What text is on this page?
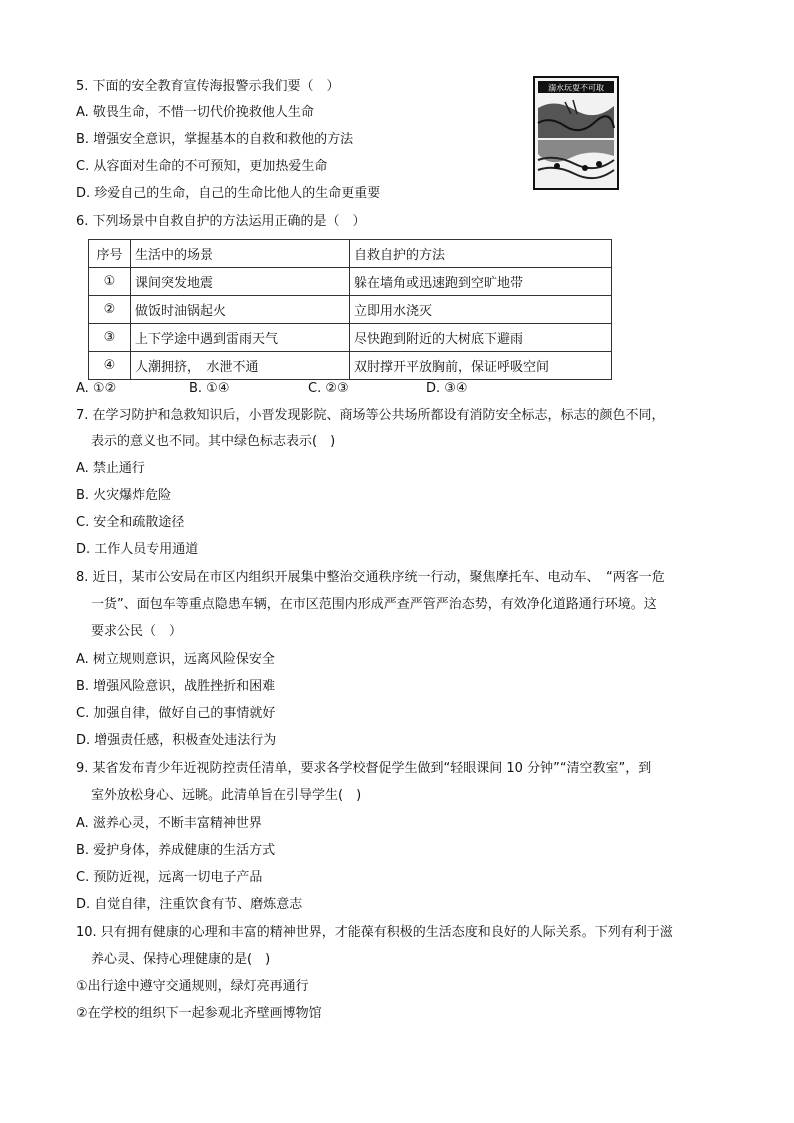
5. 下面的安全教育宣传海报警示我们要（　）
A. 敬畏生命，不惜一切代价挽救他人生命
B. 增强安全意识，掌握基本的自救和救他的方法
C. 从容面对生命的不可预知，更加热爱生命
D. 珍爱自己的生命，自己的生命比他人的生命更重要
溺水玩耍不可取
6. 下列场景中自救自护的方法运用正确的是（　）
序号	生活中的场景	自救自护的方法
①	课间突发地震	躲在墙角或迅速跑到空旷地带
②	做饭时油锅起火	立即用水浇灭
③	上下学途中遇到雷雨天气	尽快跑到附近的大树底下避雨
④	人潮拥挤，　水泄不通	双肘撑开平放胸前，保证呼吸空间
A. ①②	B. ①④	C. ②③	D. ③④
7. 在学习防护和急救知识后，小晋发现影院、商场等公共场所都设有消防安全标志，标志的颜色不同，
表示的意义也不同。其中绿色标志表示(　)
A. 禁止通行
B. 火灾爆炸危险
C. 安全和疏散途径
D. 工作人员专用通道
8. 近日，某市公安局在市区内组织开展集中整治交通秩序统一行动，聚焦摩托车、电动车、　“两客一危
一货”、面包车等重点隐患车辆，在市区范围内形成严查严管严治态势，有效净化道路通行环境。这
要求公民（　）
A. 树立规则意识，远离风险保安全
B. 增强风险意识，战胜挫折和困难
C. 加强自律，做好自己的事情就好
D. 增强责任感，积极查处违法行为
9. 某省发布青少年近视防控责任清单，要求各学校督促学生做到“轻眼课间 10 分钟”“清空教室”，到
室外放松身心、远眺。此清单旨在引导学生(　)
A. 滋养心灵，不断丰富精神世界
B. 爱护身体，养成健康的生活方式
C. 预防近视，远离一切电子产品
D. 自觉自律，注重饮食有节、磨炼意志
10. 只有拥有健康的心理和丰富的精神世界，才能葆有积极的生活态度和良好的人际关系。下列有利于滋
养心灵、保持心理健康的是(　)
①出行途中遵守交通规则，绿灯亮再通行
②在学校的组织下一起参观北齐壁画博物馆
